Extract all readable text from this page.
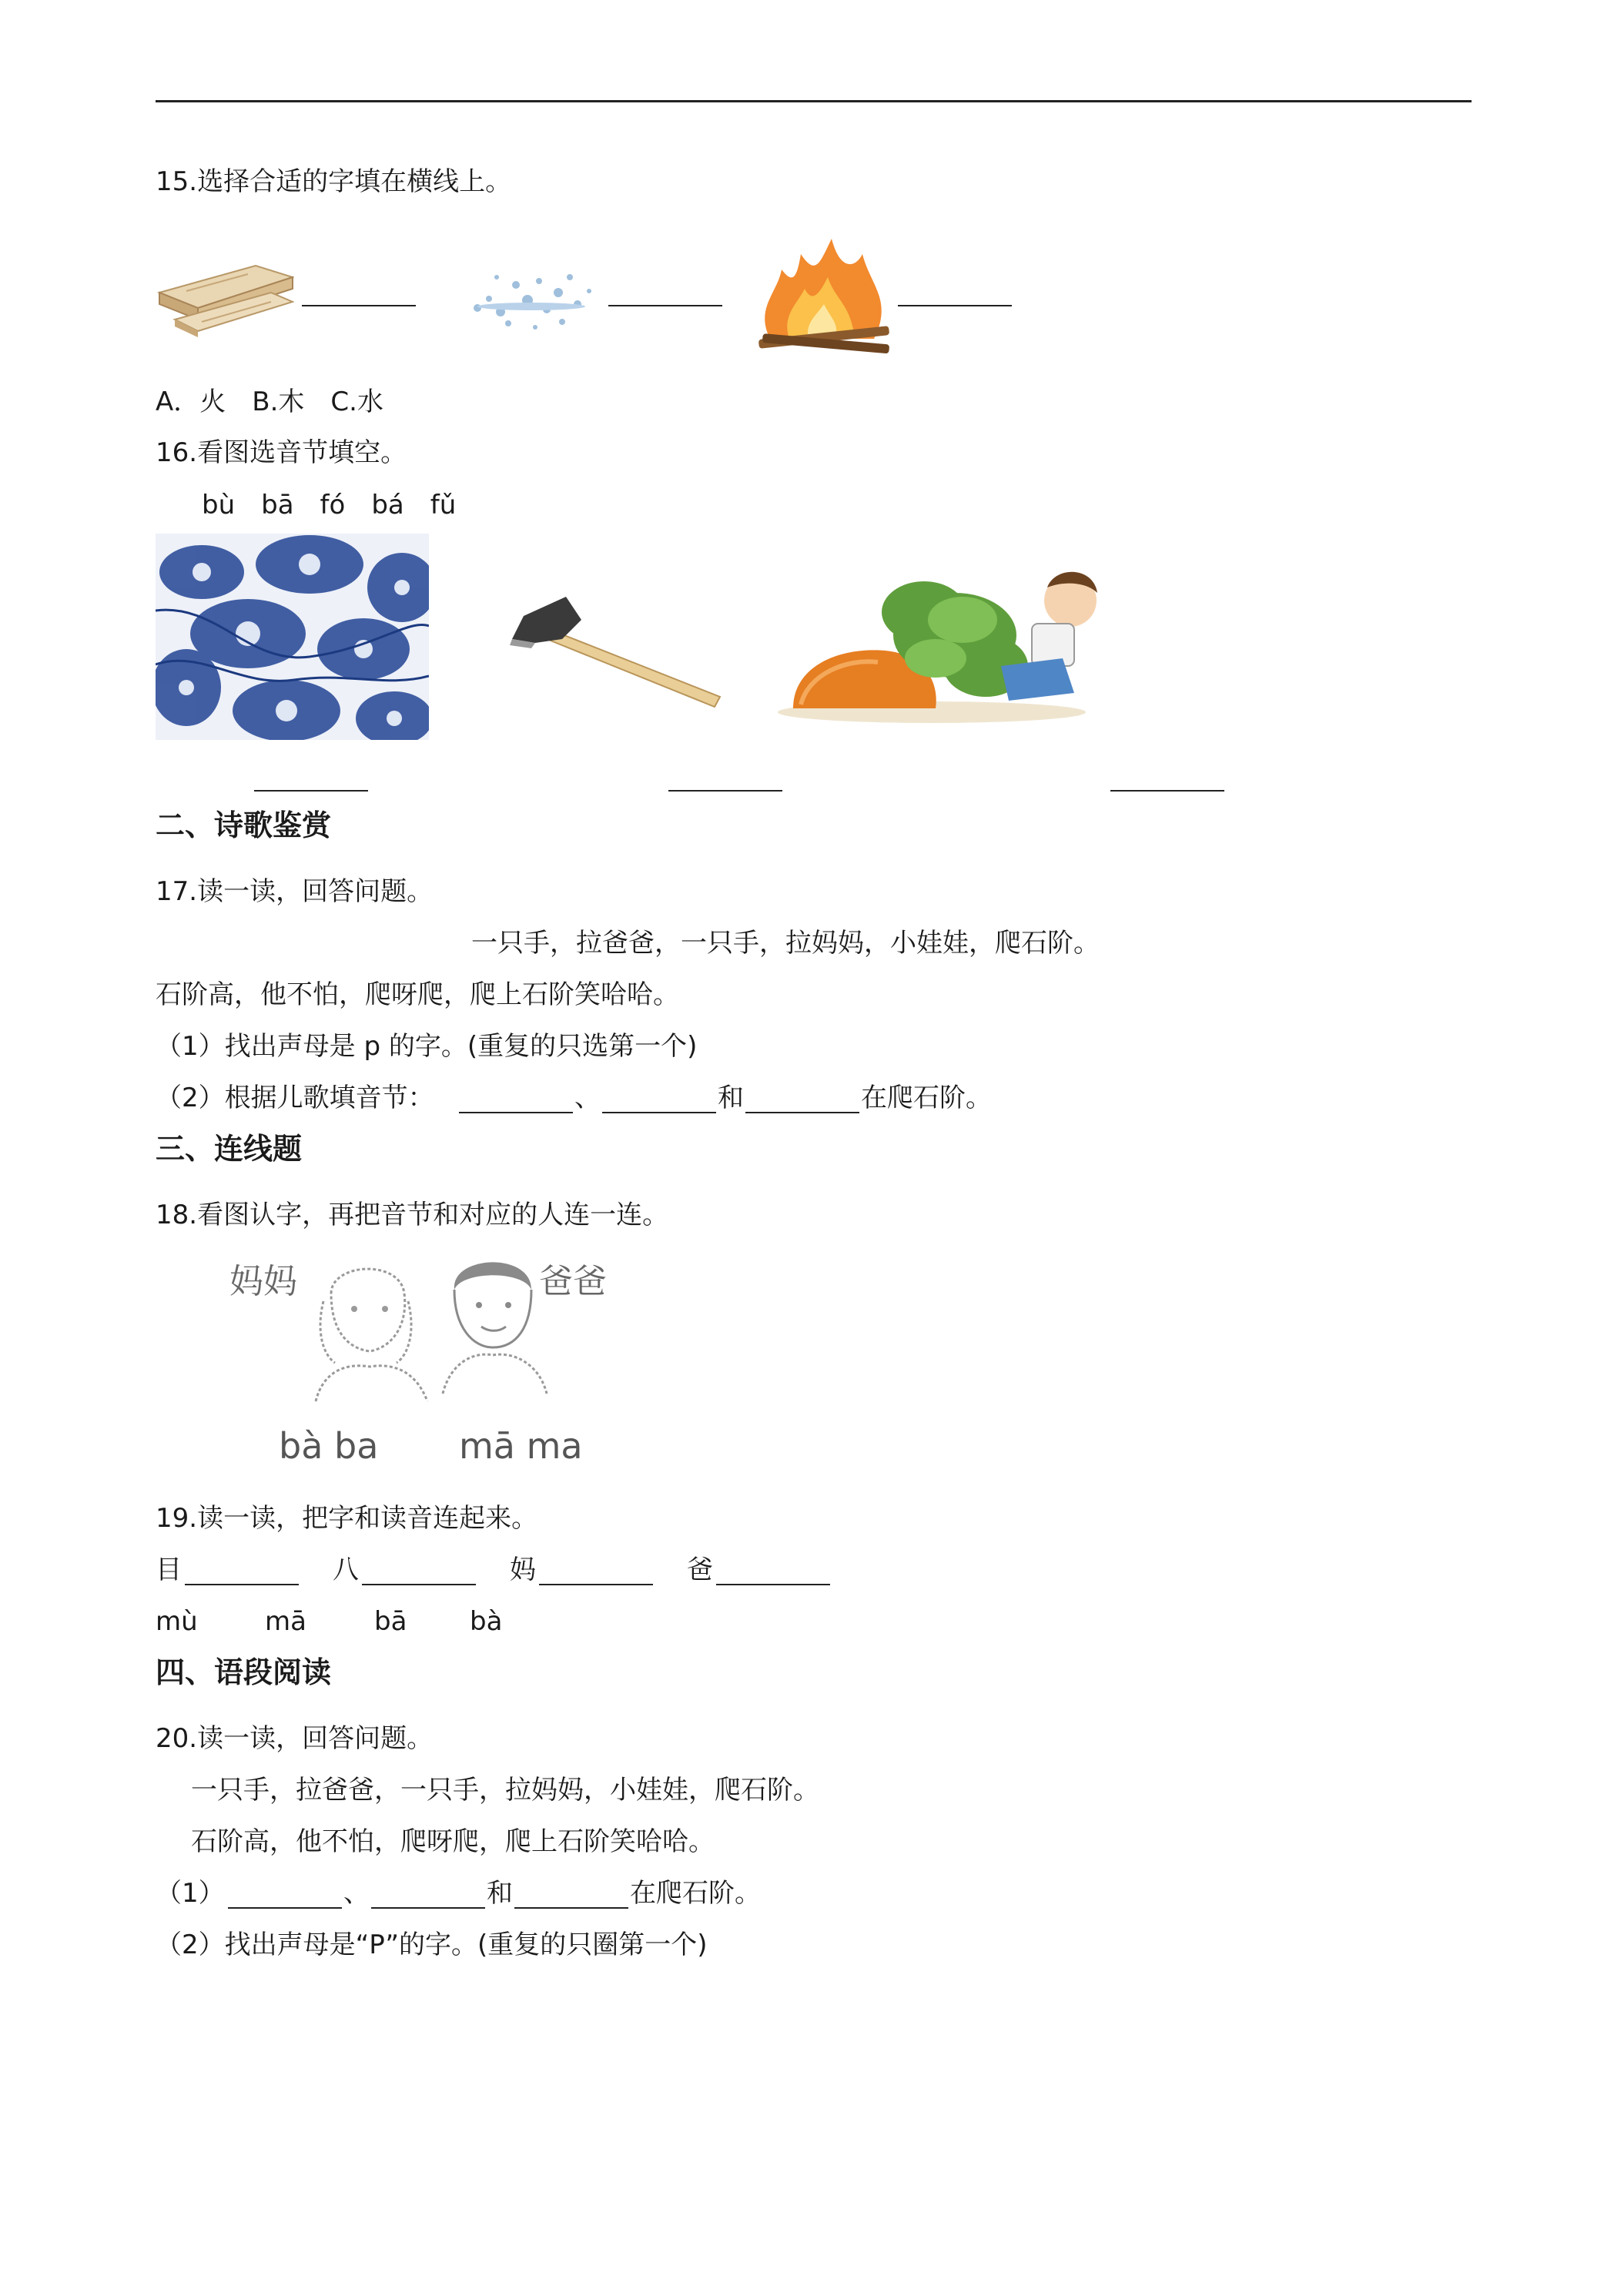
15.选择合适的字填在横线上。
A．火　B.木　C.水
16.看图选音节填空。
bù　bā　fó　bá　fǔ
二、诗歌鉴赏
17.读一读，回答问题。
一只手，拉爸爸，一只手，拉妈妈，小娃娃，爬石阶。
石阶高，他不怕，爬呀爬，爬上石阶笑哈哈。
（1）找出声母是 p 的字。(重复的只选第一个)
（2）根据儿歌填音节：	、	和	在爬石阶。
三、连线题
18.看图认字，再把音节和对应的人连一连。
妈妈	爸爸
bà ba mā ma
19.读一读，把字和读音连起来。
目	八	妈	爸
mù	mā	bā bà
四、语段阅读
20.读一读，回答问题。
一只手，拉爸爸，一只手，拉妈妈，小娃娃，爬石阶。
石阶高，他不怕，爬呀爬，爬上石阶笑哈哈。
（1）	、	和	在爬石阶。
（2）找出声母是“P”的字。(重复的只圈第一个)
